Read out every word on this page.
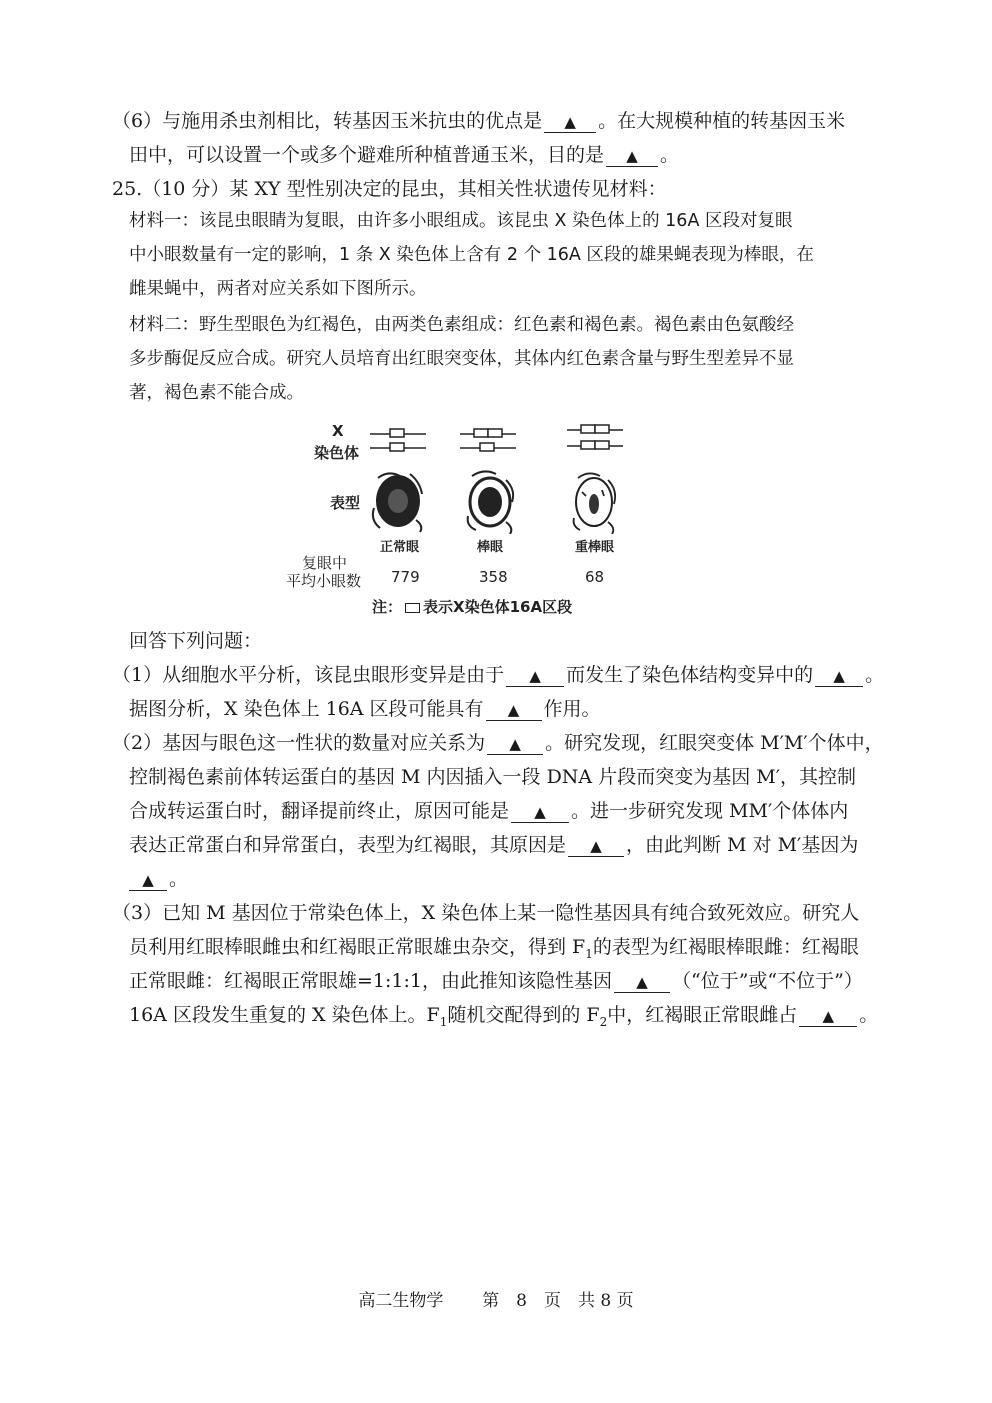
（6）与施用杀虫剂相比，转基因玉米抗虫的优点是 ▲ 。在大规模种植的转基因玉米
田中，可以设置一个或多个避难所种植普通玉米，目的是 ▲ 。
25.（10 分）某 XY 型性别决定的昆虫，其相关性状遗传见材料：
材料一：该昆虫眼睛为复眼，由许多小眼组成。该昆虫 X 染色体上的 16A 区段对复眼
中小眼数量有一定的影响，1 条 X 染色体上含有 2 个 16A 区段的雄果蝇表现为棒眼，在
雌果蝇中，两者对应关系如下图所示。
材料二：野生型眼色为红褐色，由两类色素组成：红色素和褐色素。褐色素由色氨酸经
多步酶促反应合成。研究人员培育出红眼突变体，其体内红色素含量与野生型差异不显
著，褐色素不能合成。
X
染色体
表型
正常眼	棒眼	重棒眼
复眼中
平均小眼数 779	358	68
注： 表示X染色体16A区段
回答下列问题：
（1）从细胞水平分析，该昆虫眼形变异是由于 ▲ 而发生了染色体结构变异中的 ▲ 。
据图分析，X 染色体上 16A 区段可能具有 ▲ 作用。
（2）基因与眼色这一性状的数量对应关系为 ▲ 。研究发现，红眼突变体 M′M′个体中，
控制褐色素前体转运蛋白的基因 M 内因插入一段 DNA 片段而突变为基因 M′，其控制
合成转运蛋白时，翻译提前终止，原因可能是 ▲ 。进一步研究发现 MM′个体体内
表达正常蛋白和异常蛋白，表型为红褐眼，其原因是 ▲ ，由此判断 M 对 M′基因为
▲ 。
（3）已知 M 基因位于常染色体上，X 染色体上某一隐性基因具有纯合致死效应。研究人
员利用红眼棒眼雌虫和红褐眼正常眼雄虫杂交，得到 $F_1$的表型为红褐眼棒眼雌：红褐眼
正常眼雌：红褐眼正常眼雄=1:1:1，由此推知该隐性基因 ▲ （“位于”或“不位于”）
16A 区段发生重复的 X 染色体上。$F_1$随机交配得到的 $F_2$中，红褐眼正常眼雌占 ▲ 。
高二生物学 第　8　页　共 8 页
